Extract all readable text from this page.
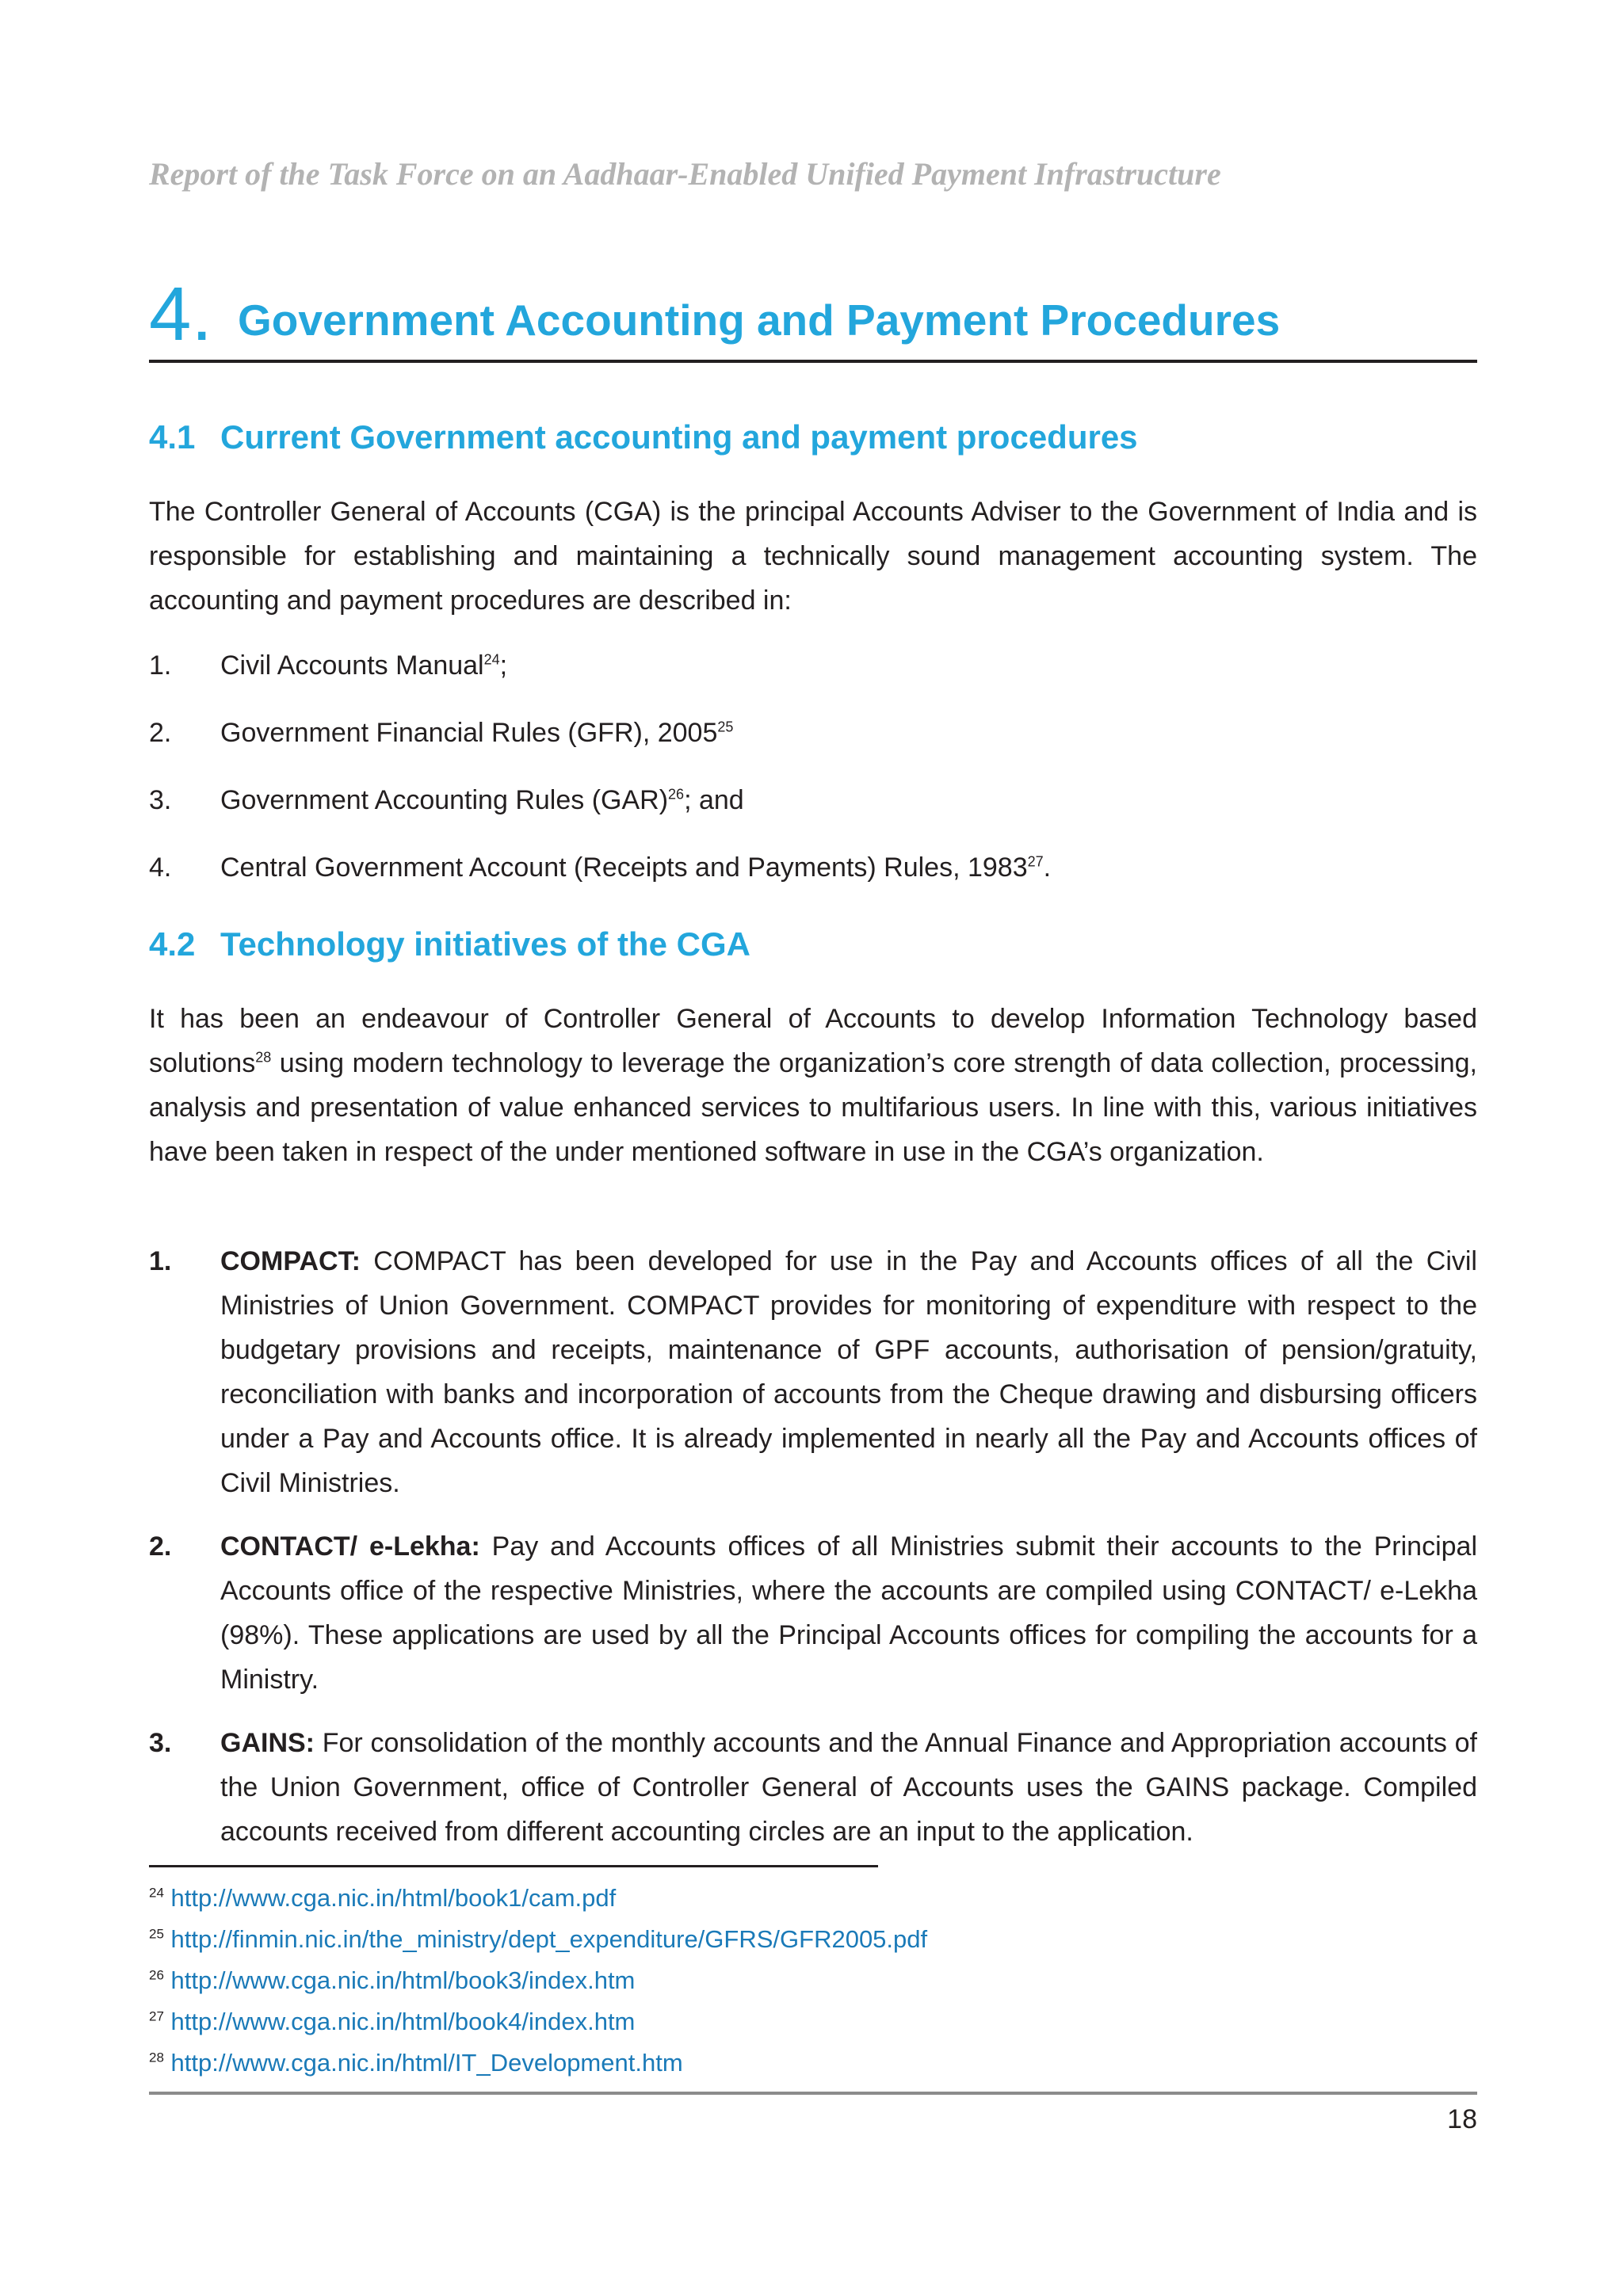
Report of the Task Force on an Aadhaar-Enabled Unified Payment Infrastructure
4. Government Accounting and Payment Procedures
4.1 Current Government accounting and payment procedures

The Controller General of Accounts (CGA) is the principal Accounts Adviser to the Government of India and is responsible for establishing and maintaining a technically sound management accounting system. The accounting and payment procedures are described in:

1. Civil Accounts Manual$^{24}$;
2. Government Financial Rules (GFR), 2005$^{25}$
3. Government Accounting Rules (GAR)$^{26}$; and
4. Central Government Account (Receipts and Payments) Rules, 1983$^{27}$.
4.2 Technology initiatives of the CGA

It has been an endeavour of Controller General of Accounts to develop Information Technology based solutions$^{28}$ using modern technology to leverage the organization’s core strength of data collection, processing, analysis and presentation of value enhanced services to multifarious users. In line with this, various initiatives have been taken in respect of the under mentioned software in use in the CGA’s organization.

1. COMPACT: COMPACT has been developed for use in the Pay and Accounts offices of all the Civil Ministries of Union Government. COMPACT provides for monitoring of expenditure with respect to the budgetary provisions and receipts, maintenance of GPF accounts, authorisation of pension/gratuity, reconciliation with banks and incorporation of accounts from the Cheque drawing and disbursing officers under a Pay and Accounts office. It is already implemented in nearly all the Pay and Accounts offices of Civil Ministries.

2. CONTACT/ e-Lekha: Pay and Accounts offices of all Ministries submit their accounts to the Principal Accounts office of the respective Ministries, where the accounts are compiled using CONTACT/ e-Lekha (98%). These applications are used by all the Principal Accounts offices for compiling the accounts for a Ministry.

3. GAINS: For consolidation of the monthly accounts and the Annual Finance and Appropriation accounts of the Union Government, office of Controller General of Accounts uses the GAINS package. Compiled accounts received from different accounting circles are an input to the application.

$^{24}$ http://www.cga.nic.in/html/book1/cam.pdf
$^{25}$ http://finmin.nic.in/the_ministry/dept_expenditure/GFRS/GFR2005.pdf
$^{26}$ http://www.cga.nic.in/html/book3/index.htm
$^{27}$ http://www.cga.nic.in/html/book4/index.htm
$^{28}$ http://www.cga.nic.in/html/IT_Development.htm
18
